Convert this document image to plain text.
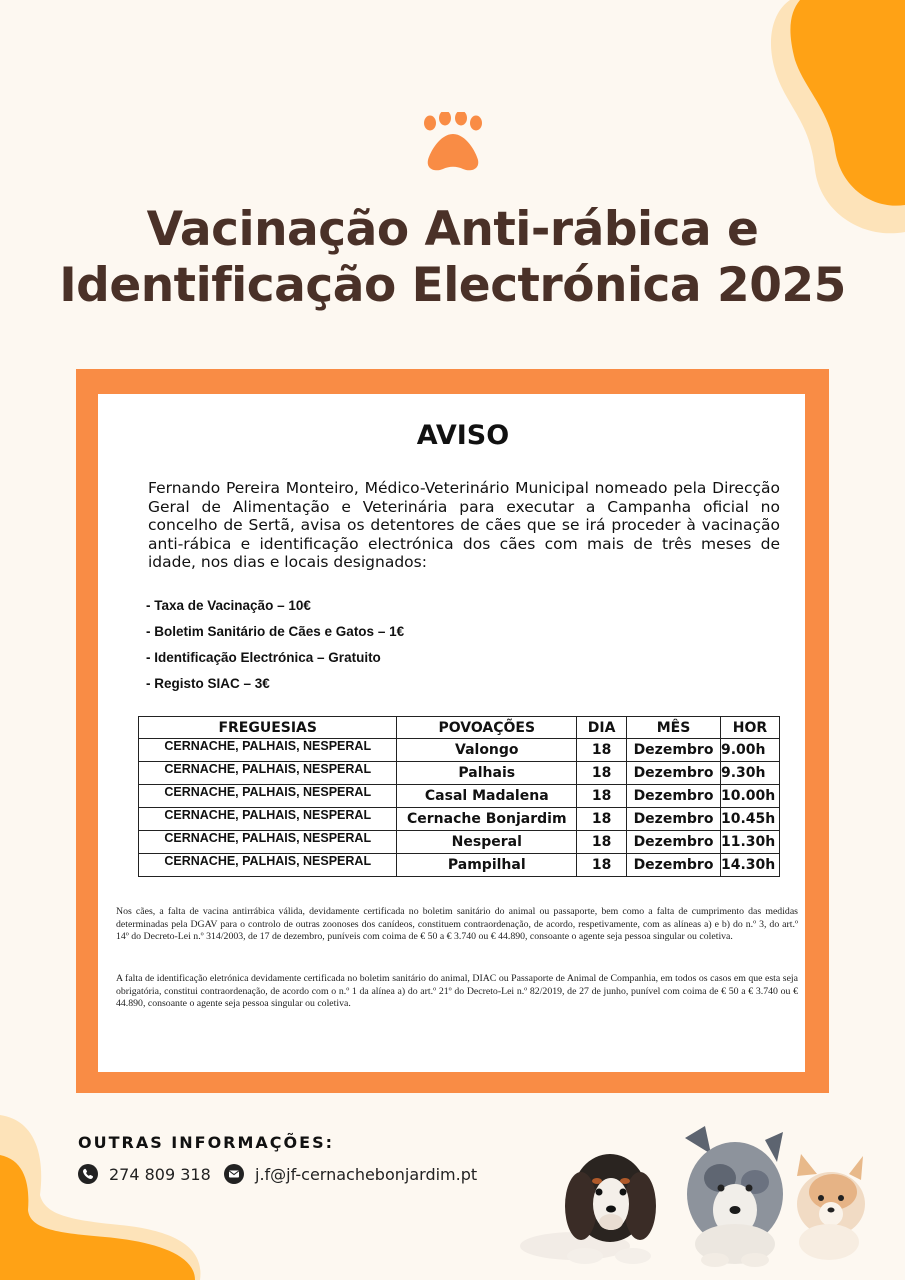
Vacinação Anti-rábica e
Identificação Electrónica 2025
AVISO
Fernando Pereira Monteiro, Médico-Veterinário Municipal nomeado pela Direcção Geral de Alimentação e Veterinária para executar a Campanha oficial no concelho de Sertã, avisa os detentores de cães que se irá proceder à vacinação anti-rábica e identificação electrónica dos cães com mais de três meses de idade, nos dias e locais designados:
- Taxa de Vacinação – 10€
- Boletim Sanitário de Cães e Gatos – 1€
- Identificação Electrónica – Gratuito
- Registo SIAC – 3€
FREGUESIAS	POVOAÇÕES	DIA	MÊS	HOR
CERNACHE, PALHAIS, NESPERAL	Valongo	18	Dezembro	9.00h
CERNACHE, PALHAIS, NESPERAL	Palhais	18	Dezembro	9.30h
CERNACHE, PALHAIS, NESPERAL	Casal Madalena	18	Dezembro	10.00h
CERNACHE, PALHAIS, NESPERAL	Cernache Bonjardim	18	Dezembro	10.45h
CERNACHE, PALHAIS, NESPERAL	Nesperal	18	Dezembro	11.30h
CERNACHE, PALHAIS, NESPERAL	Pampilhal	18	Dezembro	14.30h
Nos cães, a falta de vacina antirrábica válida, devidamente certificada no boletim sanitário do animal ou passaporte, bem como a falta de cumprimento das medidas determinadas pela DGAV para o controlo de outras zoonoses dos canídeos, constituem contraordenação, de acordo, respetivamente, com as alíneas a) e b) do n.º 3, do art.º 14º do Decreto-Lei n.º 314/2003, de 17 de dezembro, puníveis com coima de € 50 a € 3.740 ou € 44.890, consoante o agente seja pessoa singular ou coletiva.
A falta de identificação eletrónica devidamente certificada no boletim sanitário do animal, DIAC ou Passaporte de Animal de Companhia, em todos os casos em que esta seja obrigatória, constitui contraordenação, de acordo com o n.º 1 da alínea a) do art.º 21º do Decreto-Lei n.º 82/2019, de 27 de junho, punível com coima de € 50 a € 3.740 ou € 44.890, consoante o agente seja pessoa singular ou coletiva.
OUTRAS INFORMAÇÕES:
274 809 318	j.f@jf-cernachebonjardim.pt
